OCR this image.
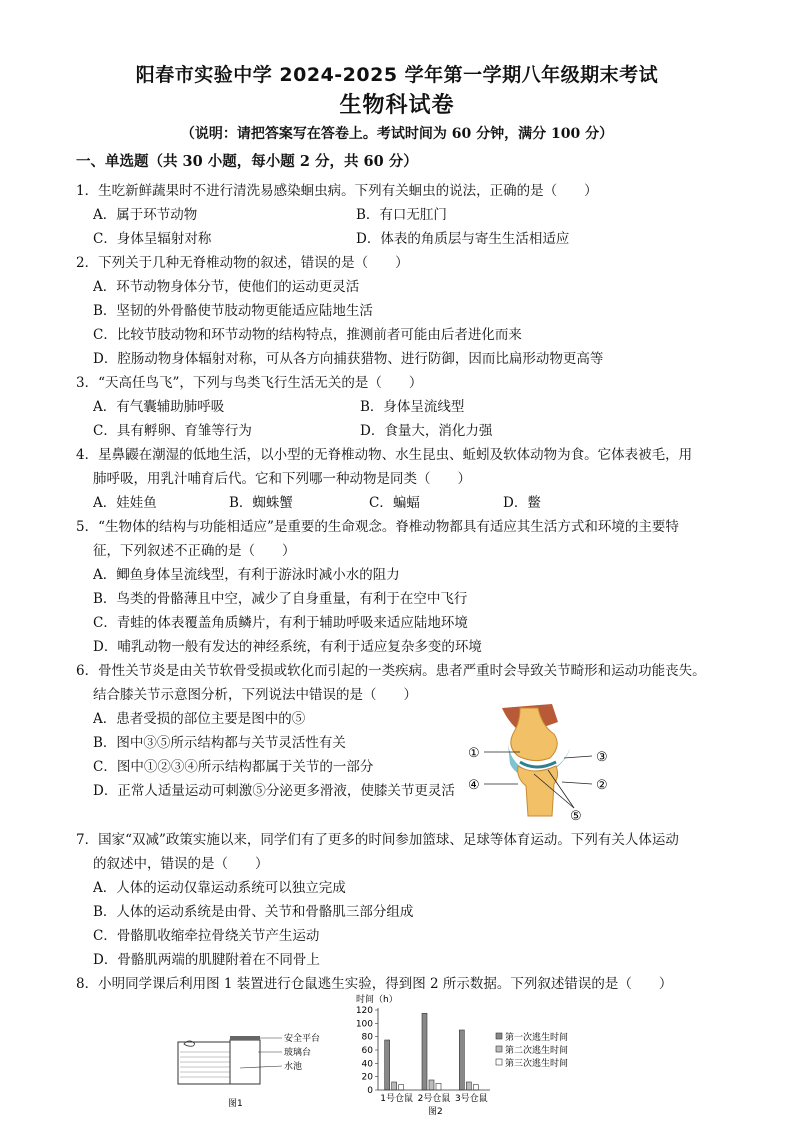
阳春市实验中学 2024-2025 学年第一学期八年级期末考试
生物科试卷
（说明：请把答案写在答卷上。考试时间为 60 分钟，满分 100 分）
一、单选题（共 30 小题，每小题 2 分，共 60 分）
1．生吃新鲜蔬果时不进行清洗易感染蛔虫病。下列有关蛔虫的说法，正确的是（　　）
A．属于环节动物	B．有口无肛门
C．身体呈辐射对称	D．体表的角质层与寄生生活相适应
2．下列关于几种无脊椎动物的叙述，错误的是（　　）
A．环节动物身体分节，使他们的运动更灵活
B．坚韧的外骨骼使节肢动物更能适应陆地生活
C．比较节肢动物和环节动物的结构特点，推测前者可能由后者进化而来
D．腔肠动物身体辐射对称，可从各方向捕获猎物、进行防御，因而比扁形动物更高等
3．“天高任鸟飞”，下列与鸟类飞行生活无关的是（　　）
A．有气囊辅助肺呼吸	B．身体呈流线型
C．具有孵卵、育雏等行为	D．食量大，消化力强
4．星鼻鼹在潮湿的低地生活，以小型的无脊椎动物、水生昆虫、蚯蚓及软体动物为食。它体表被毛，用
肺呼吸，用乳汁哺育后代。它和下列哪一种动物是同类（　　）
A．娃娃鱼	B．蜘蛛蟹	C．蝙蝠	D．鳖
5．“生物体的结构与功能相适应”是重要的生命观念。脊椎动物都具有适应其生活方式和环境的主要特
征，下列叙述不正确的是（　　）
A．鲫鱼身体呈流线型，有利于游泳时减小水的阻力
B．鸟类的骨骼薄且中空，减少了自身重量，有利于在空中飞行
C．青蛙的体表覆盖角质鳞片，有利于辅助呼吸来适应陆地环境
D．哺乳动物一般有发达的神经系统，有利于适应复杂多变的环境
6．骨性关节炎是由关节软骨受损或软化而引起的一类疾病。患者严重时会导致关节畸形和运动功能丧失。
结合膝关节示意图分析，下列说法中错误的是（　　）
A．患者受损的部位主要是图中的⑤
B．图中③⑤所示结构都与关节灵活性有关
C．图中①②③④所示结构都属于关节的一部分
D．正常人适量运动可刺激⑤分泌更多滑液，使膝关节更灵活
①
②
③
④
⑤
7．国家“双减”政策实施以来，同学们有了更多的时间参加篮球、足球等体育运动。下列有关人体运动
的叙述中，错误的是（　　）
A．人体的运动仅靠运动系统可以独立完成
B．人体的运动系统是由骨、关节和骨骼肌三部分组成
C．骨骼肌收缩牵拉骨绕关节产生运动
D．骨骼肌两端的肌腱附着在不同骨上
8．小明同学课后利用图 1 装置进行仓鼠逃生实验，得到图 2 所示数据。下列叙述错误的是（　　）
安全平台
玻璃台
水池
图1
时间（h）
0
20
40
60
80
100
120
1号仓鼠 2号仓鼠 3号仓鼠
第一次逃生时间
第二次逃生时间
第三次逃生时间
图2
